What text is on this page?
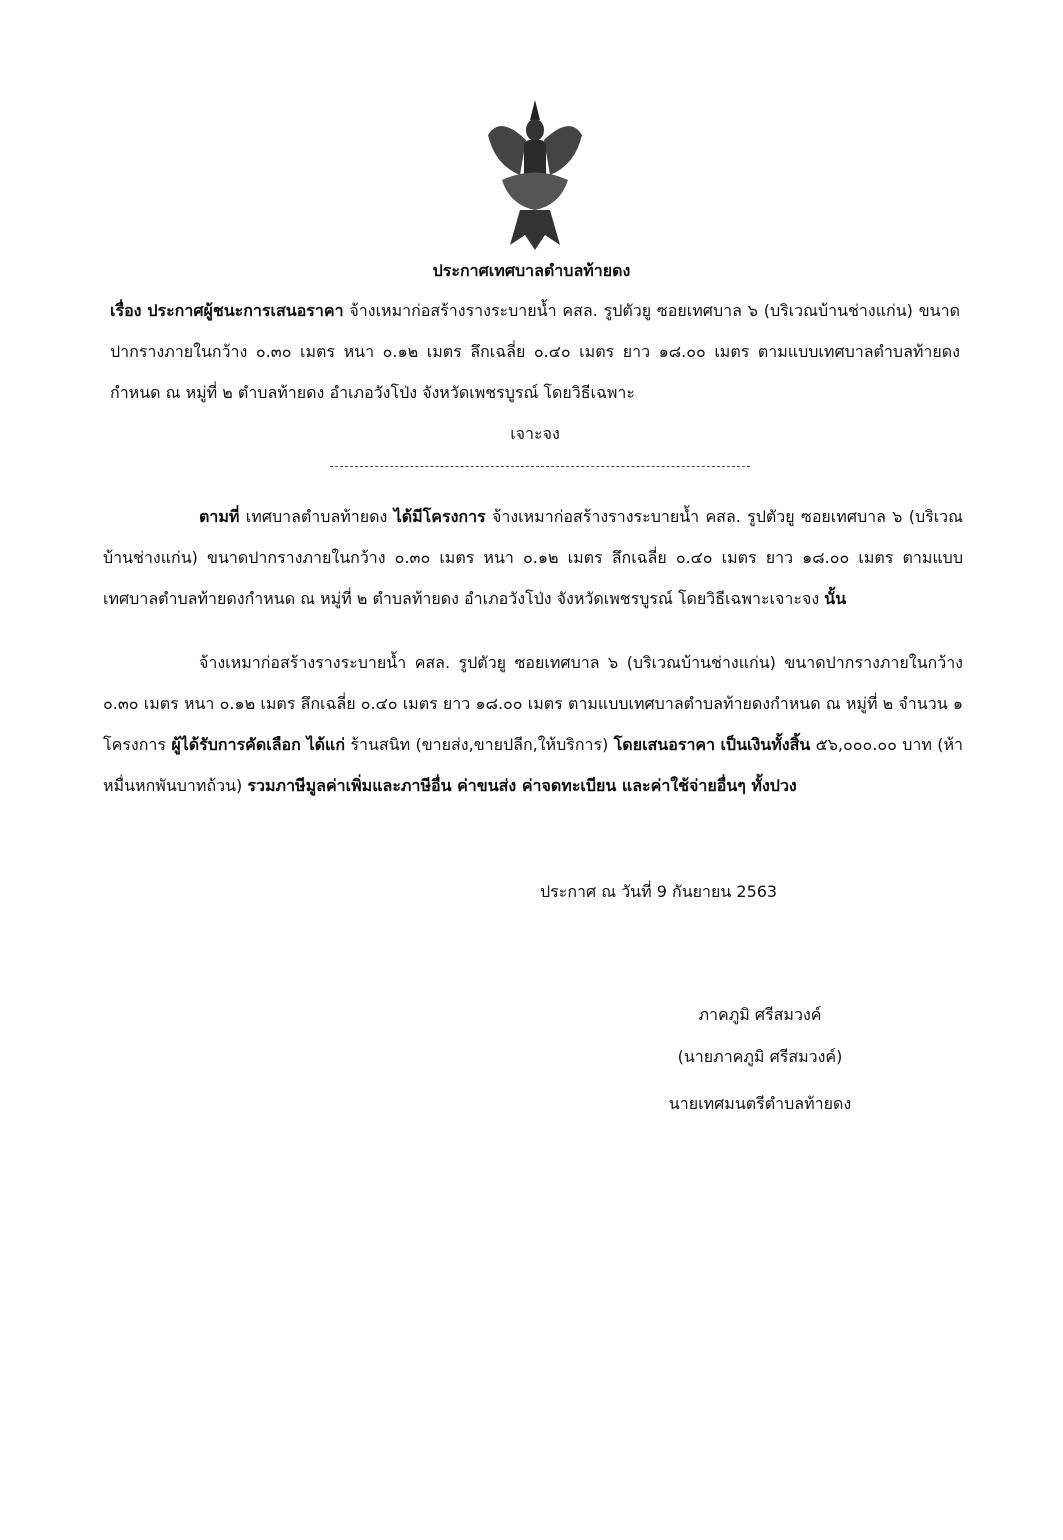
ประกาศเทศบาลตำบลท้ายดง
เรื่อง ประกาศผู้ชนะการเสนอราคา จ้างเหมาก่อสร้างรางระบายน้ำ คสล. รูปตัวยู ซอยเทศบาล ๖ (บริเวณบ้านช่างแก่น) ขนาดปากรางภายในกว้าง ๐.๓๐ เมตร หนา ๐.๑๒ เมตร ลึกเฉลี่ย ๐.๔๐ เมตร ยาว ๑๘.๐๐ เมตร ตามแบบเทศบาลตำบลท้ายดงกำหนด ณ หมู่ที่ ๒ ตำบลท้ายดง อำเภอวังโป่ง จังหวัดเพชรบูรณ์ โดยวิธีเฉพาะ
เจาะจง
ตามที่ เทศบาลตำบลท้ายดง ได้มีโครงการ จ้างเหมาก่อสร้างรางระบายน้ำ คสล. รูปตัวยู ซอยเทศบาล ๖ (บริเวณบ้านช่างแก่น) ขนาดปากรางภายในกว้าง ๐.๓๐ เมตร หนา ๐.๑๒ เมตร ลึกเฉลี่ย ๐.๔๐ เมตร ยาว ๑๘.๐๐ เมตร ตามแบบเทศบาลตำบลท้ายดงกำหนด ณ หมู่ที่ ๒ ตำบลท้ายดง อำเภอวังโป่ง จังหวัดเพชรบูรณ์ โดยวิธีเฉพาะเจาะจง นั้น
จ้างเหมาก่อสร้างรางระบายน้ำ คสล. รูปตัวยู ซอยเทศบาล ๖ (บริเวณบ้านช่างแก่น) ขนาดปากรางภายในกว้าง ๐.๓๐ เมตร หนา ๐.๑๒ เมตร ลึกเฉลี่ย ๐.๔๐ เมตร ยาว ๑๘.๐๐ เมตร ตามแบบเทศบาลตำบลท้ายดงกำหนด ณ หมู่ที่ ๒ จำนวน ๑ โครงการ ผู้ได้รับการคัดเลือก ได้แก่ ร้านสนิท (ขายส่ง,ขายปลีก,ให้บริการ) โดยเสนอราคา เป็นเงินทั้งสิ้น ๕๖,๐๐๐.๐๐ บาท (ห้าหมื่นหกพันบาทถ้วน) รวมภาษีมูลค่าเพิ่มและภาษีอื่น ค่าขนส่ง ค่าจดทะเบียน และค่าใช้จ่ายอื่นๆ ทั้งปวง
ประกาศ ณ วันที่ 9 กันยายน 2563
ภาคภูมิ ศรีสมวงค์
(นายภาคภูมิ ศรีสมวงค์)
นายเทศมนตรีตำบลท้ายดง
